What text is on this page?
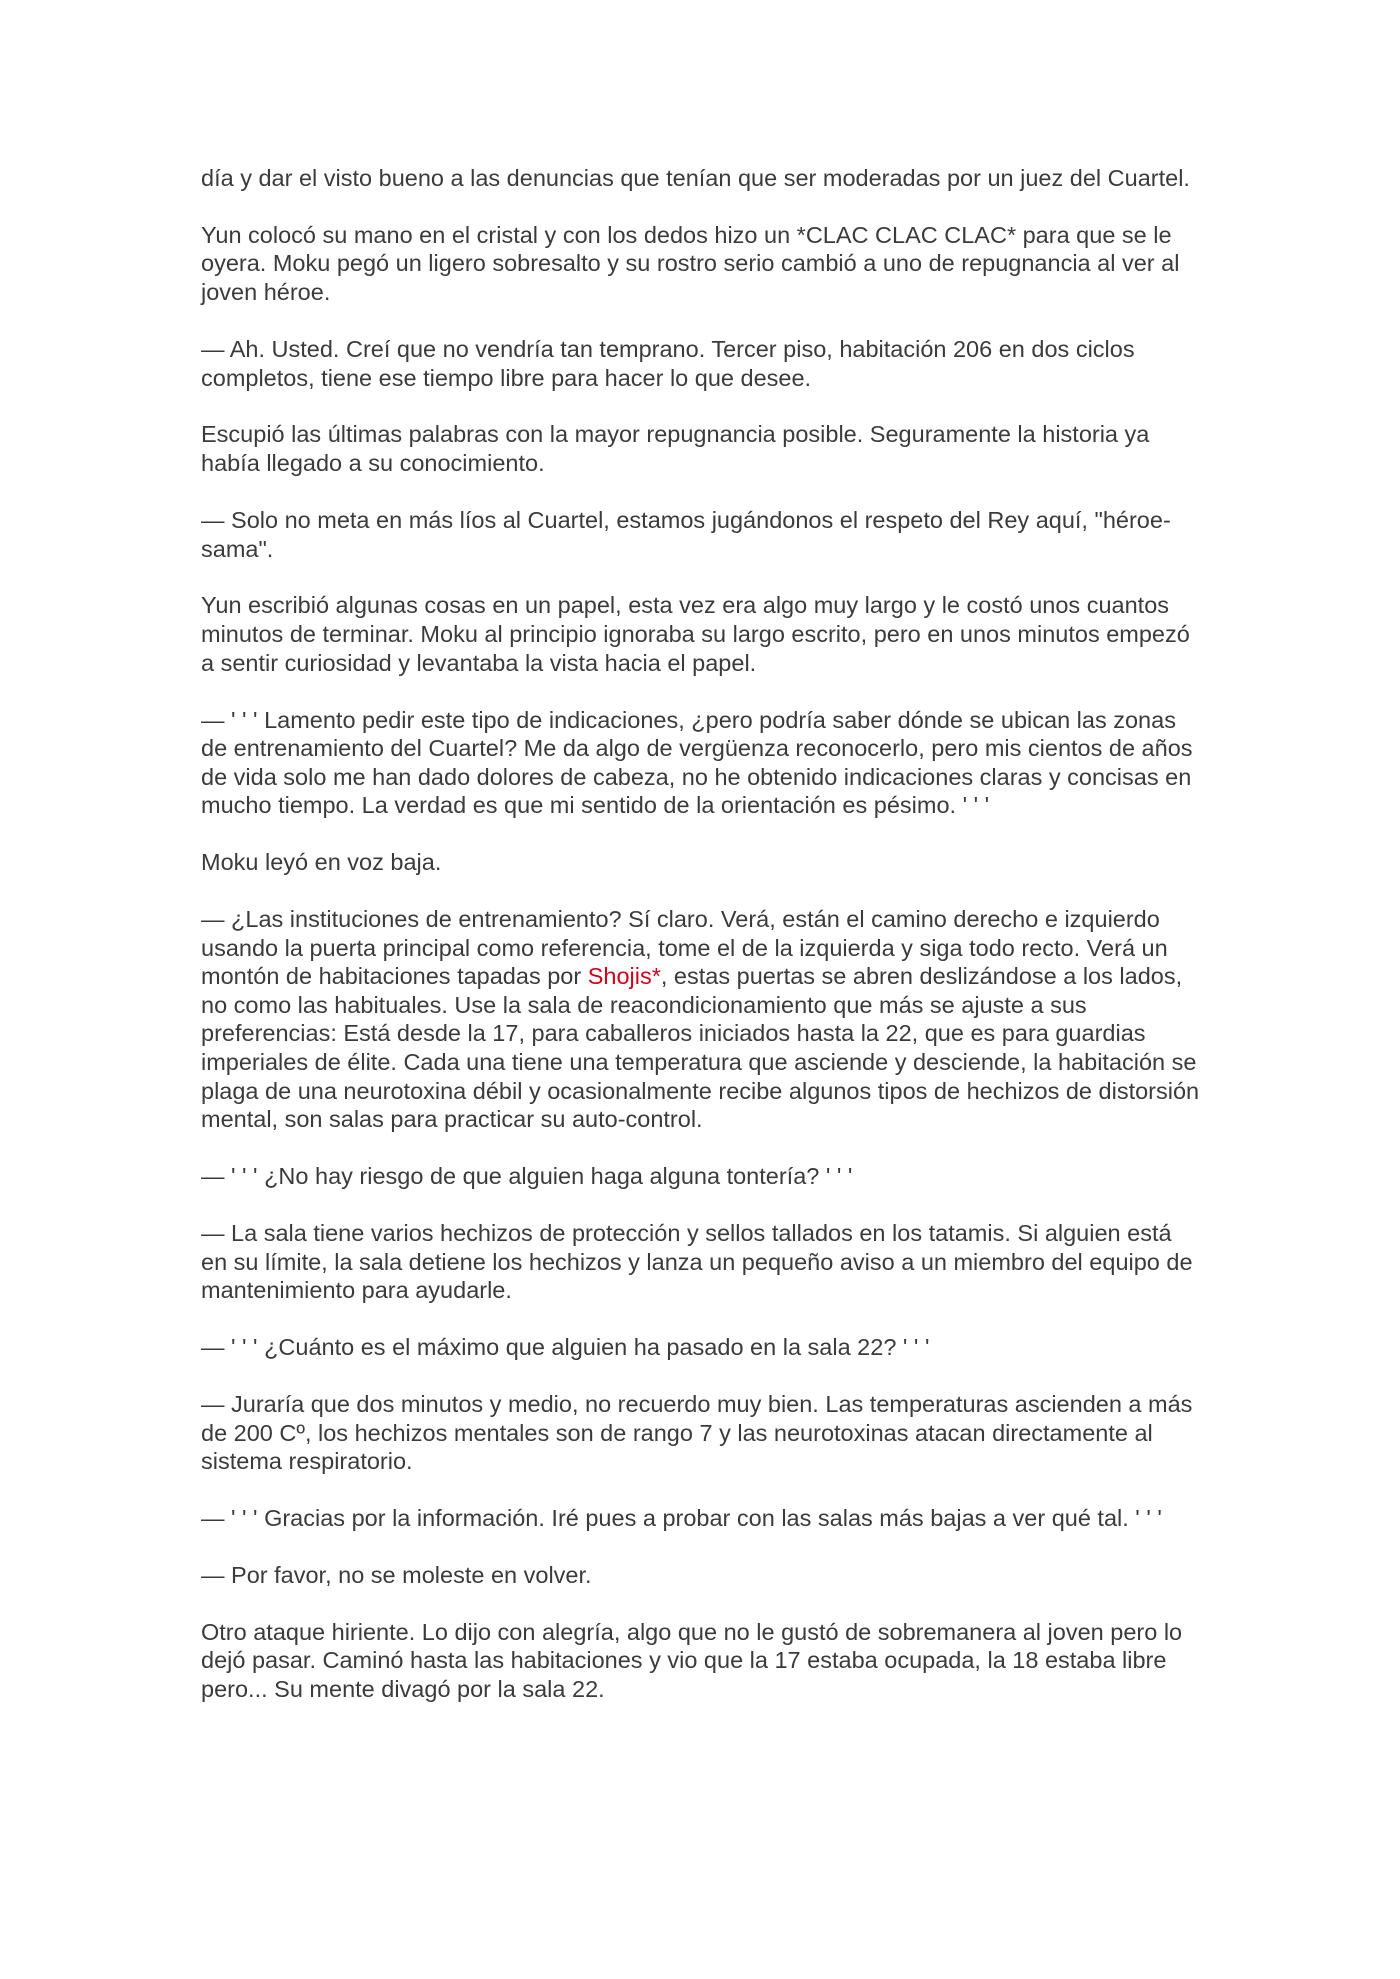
día y dar el visto bueno a las denuncias que tenían que ser moderadas por un juez del Cuartel.

Yun colocó su mano en el cristal y con los dedos hizo un *CLAC CLAC CLAC* para que se le oyera. Moku pegó un ligero sobresalto y su rostro serio cambió a uno de repugnancia al ver al joven héroe.

— Ah. Usted. Creí que no vendría tan temprano. Tercer piso, habitación 206 en dos ciclos completos, tiene ese tiempo libre para hacer lo que desee.

Escupió las últimas palabras con la mayor repugnancia posible. Seguramente la historia ya había llegado a su conocimiento.

— Solo no meta en más líos al Cuartel, estamos jugándonos el respeto del Rey aquí, "héroe-sama".

Yun escribió algunas cosas en un papel, esta vez era algo muy largo y le costó unos cuantos minutos de terminar. Moku al principio ignoraba su largo escrito, pero en unos minutos empezó a sentir curiosidad y levantaba la vista hacia el papel.

— ' ' ' Lamento pedir este tipo de indicaciones, ¿pero podría saber dónde se ubican las zonas de entrenamiento del Cuartel? Me da algo de vergüenza reconocerlo, pero mis cientos de años de vida solo me han dado dolores de cabeza, no he obtenido indicaciones claras y concisas en mucho tiempo. La verdad es que mi sentido de la orientación es pésimo. ' ' '

Moku leyó en voz baja.

— ¿Las instituciones de entrenamiento? Sí claro. Verá, están el camino derecho e izquierdo usando la puerta principal como referencia, tome el de la izquierda y siga todo recto. Verá un montón de habitaciones tapadas por Shojis*, estas puertas se abren deslizándose a los lados, no como las habituales. Use la sala de reacondicionamiento que más se ajuste a sus preferencias: Está desde la 17, para caballeros iniciados hasta la 22, que es para guardias imperiales de élite. Cada una tiene una temperatura que asciende y desciende, la habitación se plaga de una neurotoxina débil y ocasionalmente recibe algunos tipos de hechizos de distorsión mental, son salas para practicar su auto-control.

— ' ' ' ¿No hay riesgo de que alguien haga alguna tontería? ' ' '

— La sala tiene varios hechizos de protección y sellos tallados en los tatamis. Si alguien está en su límite, la sala detiene los hechizos y lanza un pequeño aviso a un miembro del equipo de mantenimiento para ayudarle.

— ' ' ' ¿Cuánto es el máximo que alguien ha pasado en la sala 22? ' ' '

— Juraría que dos minutos y medio, no recuerdo muy bien. Las temperaturas ascienden a más de 200 Cº, los hechizos mentales son de rango 7 y las neurotoxinas atacan directamente al sistema respiratorio.

— ' ' ' Gracias por la información. Iré pues a probar con las salas más bajas a ver qué tal. ' ' '

— Por favor, no se moleste en volver.

Otro ataque hiriente. Lo dijo con alegría, algo que no le gustó de sobremanera al joven pero lo dejó pasar. Caminó hasta las habitaciones y vio que la 17 estaba ocupada, la 18 estaba libre pero... Su mente divagó por la sala 22.
